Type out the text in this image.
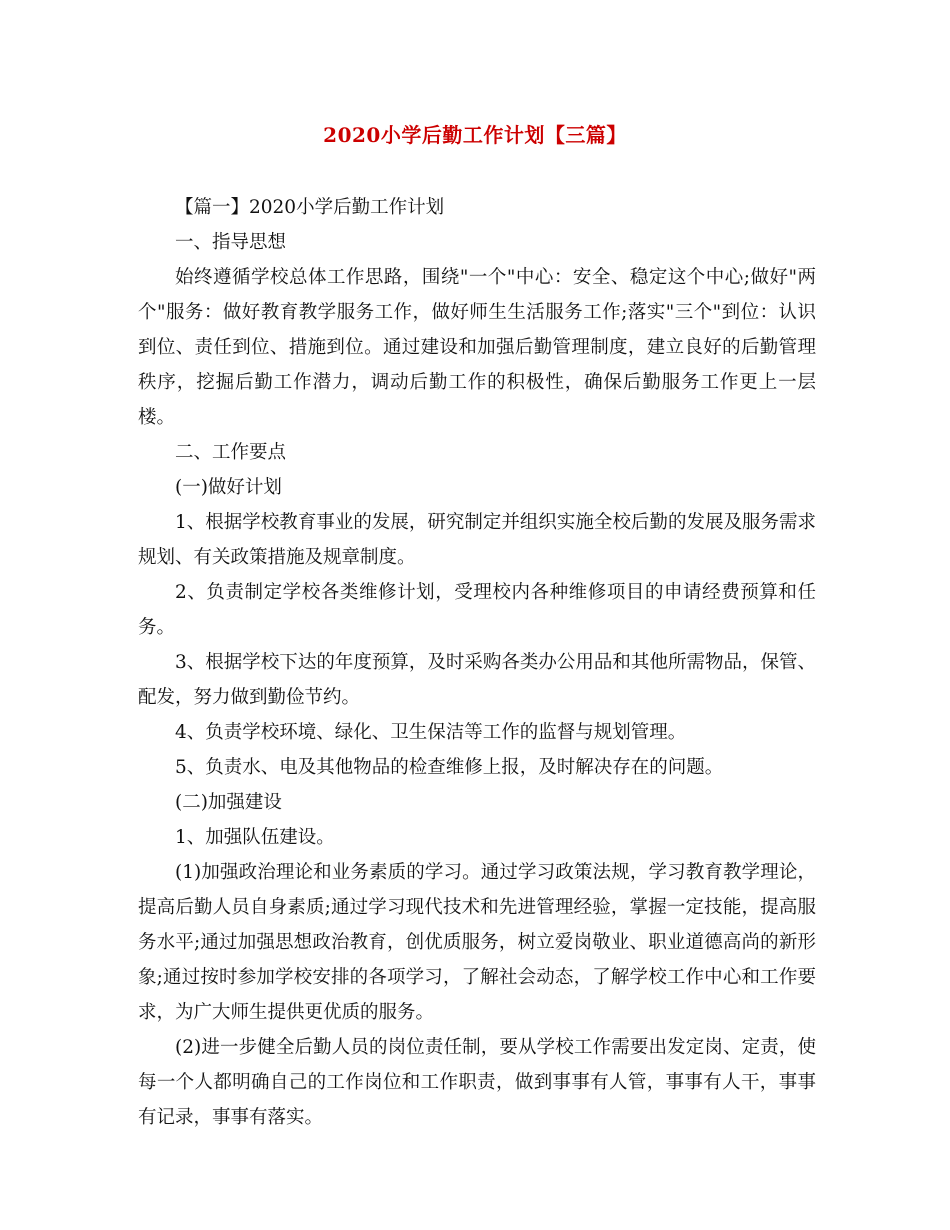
2020小学后勤工作计划【三篇】

【篇一】2020小学后勤工作计划

一、指导思想

始终遵循学校总体工作思路，围绕"一个"中心：安全、稳定这个中心;做好"两个"服务：做好教育教学服务工作，做好师生生活服务工作;落实"三个"到位：认识到位、责任到位、措施到位。通过建设和加强后勤管理制度，建立良好的后勤管理秩序，挖掘后勤工作潜力，调动后勤工作的积极性，确保后勤服务工作更上一层楼。

二、工作要点

(一)做好计划

1、根据学校教育事业的发展，研究制定并组织实施全校后勤的发展及服务需求规划、有关政策措施及规章制度。

2、负责制定学校各类维修计划，受理校内各种维修项目的申请经费预算和任务。

3、根据学校下达的年度预算，及时采购各类办公用品和其他所需物品，保管、配发，努力做到勤俭节约。

4、负责学校环境、绿化、卫生保洁等工作的监督与规划管理。

5、负责水、电及其他物品的检查维修上报，及时解决存在的问题。

(二)加强建设

1、加强队伍建设。

(1)加强政治理论和业务素质的学习。通过学习政策法规，学习教育教学理论，提高后勤人员自身素质;通过学习现代技术和先进管理经验，掌握一定技能，提高服务水平;通过加强思想政治教育，创优质服务，树立爱岗敬业、职业道德高尚的新形象;通过按时参加学校安排的各项学习，了解社会动态，了解学校工作中心和工作要求，为广大师生提供更优质的服务。

(2)进一步健全后勤人员的岗位责任制，要从学校工作需要出发定岗、定责，使每一个人都明确自己的工作岗位和工作职责，做到事事有人管，事事有人干，事事有记录，事事有落实。
